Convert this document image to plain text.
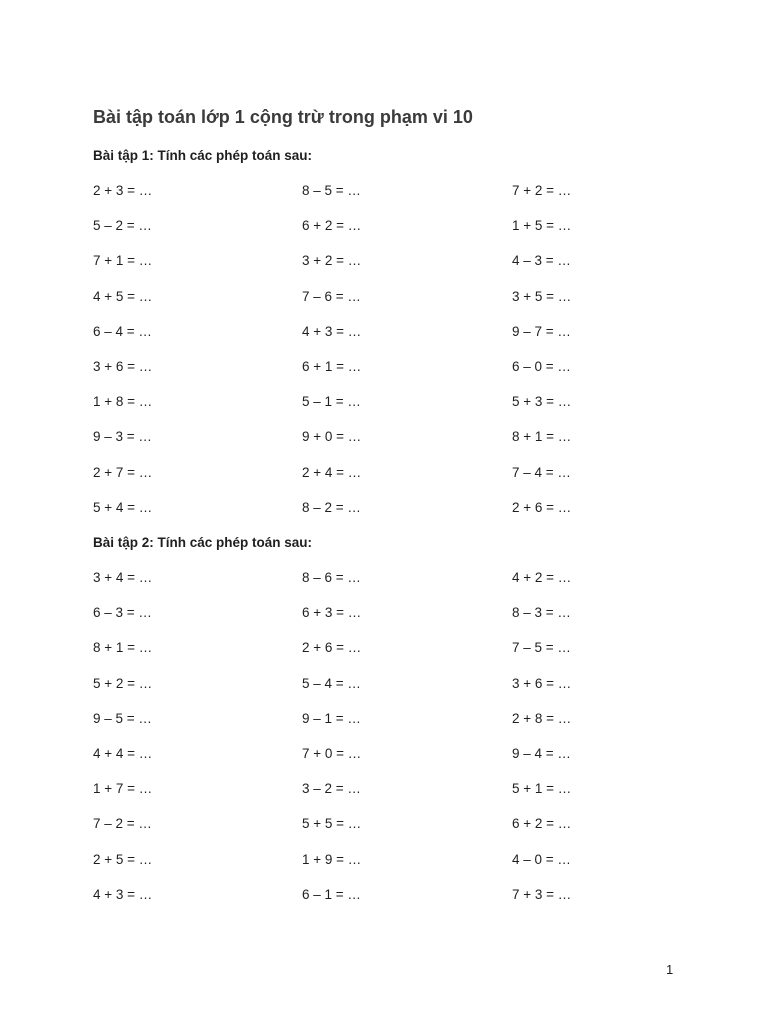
Bài tập toán lớp 1 cộng trừ trong phạm vi 10
Bài tập 1: Tính các phép toán sau:
2 + 3 = …	8 – 5 = …	7 + 2 = …
5 – 2 = …	6 + 2 = …	1 + 5 = …
7 + 1 = …	3 + 2 = …	4 – 3 = …
4 + 5 = …	7 – 6 = …	3 + 5 = …
6 – 4 = …	4 + 3 = …	9 – 7 = …
3 + 6 = …	6 + 1 = …	6 – 0 = …
1 + 8 = …	5 – 1 = …	5 + 3 = …
9 – 3 = …	9 + 0 = …	8 + 1 = …
2 + 7 = …	2 + 4 = …	7 – 4 = …
5 + 4 = …	8 – 2 = …	2 + 6 = …
Bài tập 2: Tính các phép toán sau:
3 + 4 = …	8 – 6 = …	4 + 2 = …
6 – 3 = …	6 + 3 = …	8 – 3 = …
8 + 1 = …	2 + 6 = …	7 – 5 = …
5 + 2 = …	5 – 4 = …	3 + 6 = …
9 – 5 = …	9 – 1 = …	2 + 8 = …
4 + 4 = …	7 + 0 = …	9 – 4 = …
1 + 7 = …	3 – 2 = …	5 + 1 = …
7 – 2 = …	5 + 5 = …	6 + 2 = …
2 + 5 = …	1 + 9 = …	4 – 0 = …
4 + 3 = …	6 – 1 = …	7 + 3 = …
1
